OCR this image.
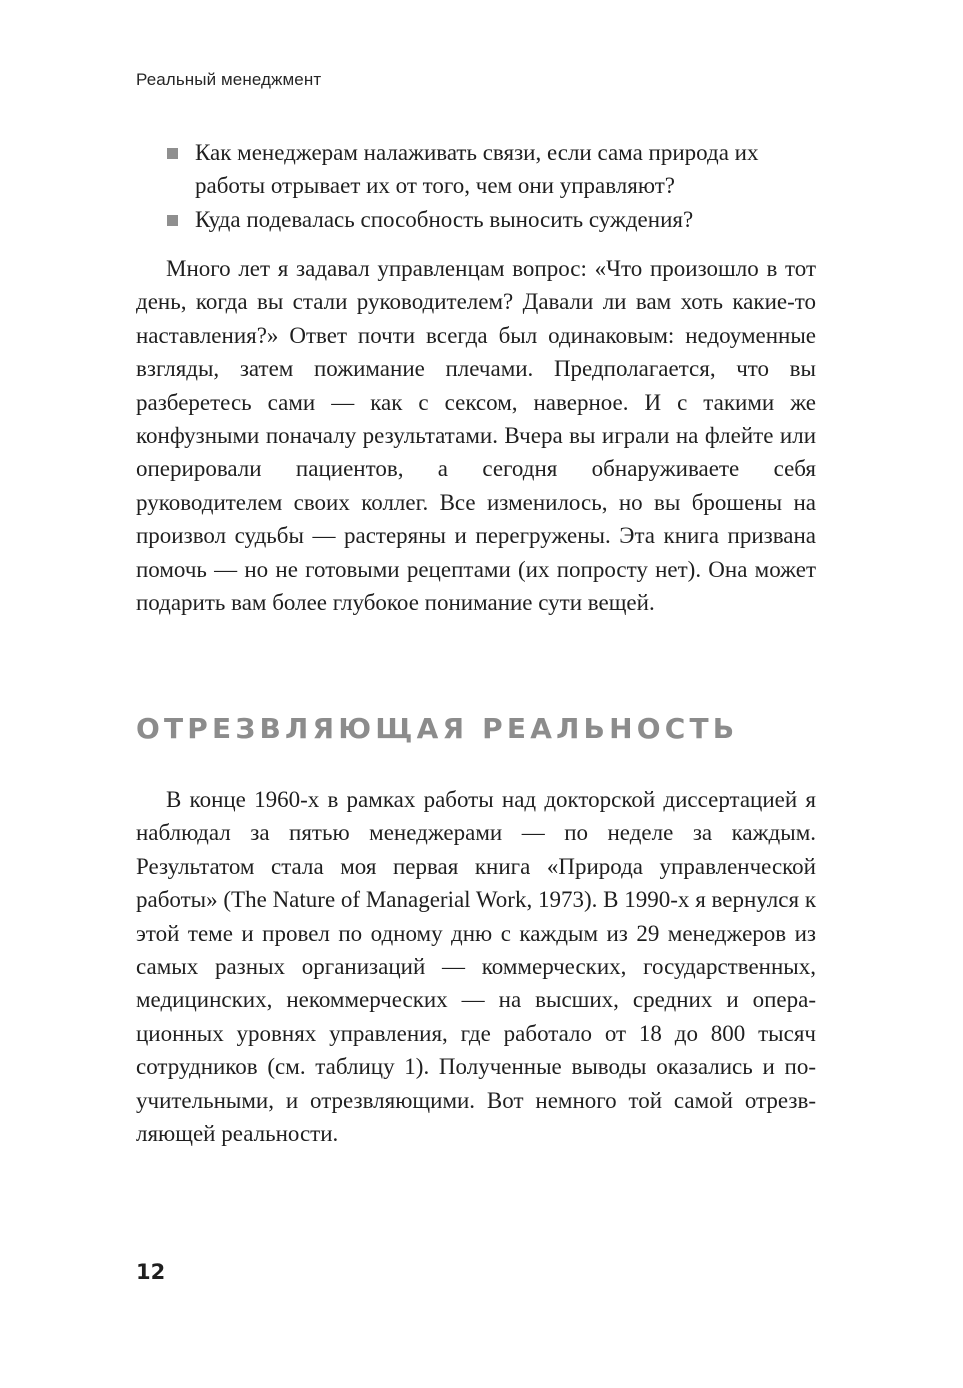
Реальный менеджмент
Как менеджерам налаживать связи, если сама природа их работы отрывает их от того, чем они управляют?
Куда подевалась способность выносить суждения?

Много лет я задавал управленцам вопрос: «Что произошло в тот день, когда вы стали руководителем? Давали ли вам хоть какие-то наставления?» Ответ почти всегда был одинаковым: недоуменные взгляды, затем пожимание плечами. Предполагается, что вы разберетесь сами — как с сексом, наверное. И с такими же конфузными поначалу результатами. Вчера вы играли на флейте или оперировали пациентов, а сегодня обнаруживаете себя руководителем своих коллег. Все изменилось, но вы брошены на произвол судьбы — растеряны и перегружены. Эта книга призвана помочь — но не готовыми рецептами (их попросту нет). Она может подарить вам более глубокое понимание сути вещей.

ОТРЕЗВЛЯЮЩАЯ РЕАЛЬНОСТЬ

В конце 1960-х в рамках работы над докторской диссертацией я наблюдал за пятью менеджерами — по неделе за каждым. Результатом стала моя первая книга «Природа управленческой работы» (The Nature of Managerial Work, 1973). В 1990-х я вернулся к этой теме и провел по одному дню с каждым из 29 менеджеров из самых разных организаций — коммерческих, государственных, медицинских, некоммерческих — на высших, средних и операционных уровнях управления, где работало от 18 до 800 тысяч сотрудников (см. таблицу 1). Полученные выводы оказались и поучительными, и отрезвляющими. Вот немного той самой отрезвляющей реальности.

12
